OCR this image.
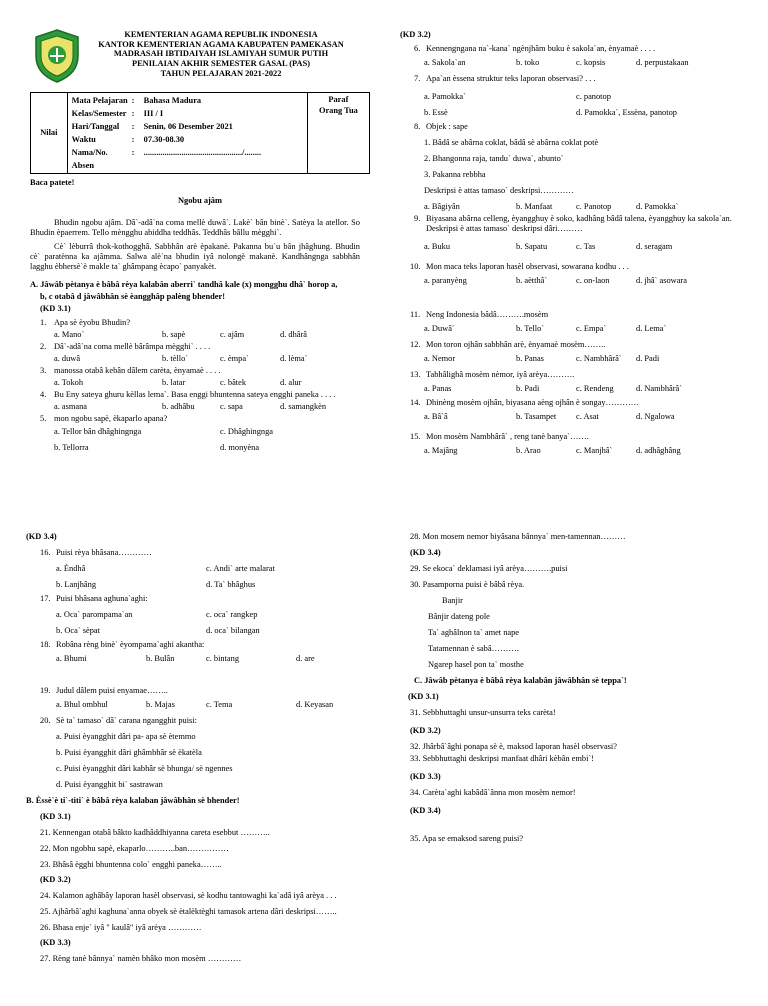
KEMENTERIAN AGAMA REPUBLIK INDONESIA
KANTOR KEMENTERIAN AGAMA KABUPATEN PAMEKASAN
MADRASAH IBTIDAIYAH ISLAMIYAH SUMUR PUTIH
PENILAIAN AKHIR SEMESTER GASAL (PAS)
TAHUN PELAJARAN 2021-2022
Nilai	
Mata Pelajaran :	Bahasa Madura
Kelas/Semester :	III / I
Hari/Tanggal	:	Senin, 06 Desember 2021
Waktu	:	07.30-08.30
Nama/No. Absen
:	.............................................../........

Paraf
Orang Tua
Baca patete!
Ngobu ajâm
Bhudin ngobu ajâm. Dâ`-adâ`na coma mellè duwâ`. Lakè` bân binè`. Satèya la atellor. So Bhudin èpaerrem. Tello mèngghu abiddha teddhâs. Teddhâs bâllu mègghi`.
Cè` lèburrâ thok-kothogghâ. Sabbhân arè èpakanè. Pakanna bu`u bân jhâghung. Bhudin cè` paratènna ka ajâmma. Salwa alè`na bhudin iyâ nolongè makanè. Kandhângnga sabbhân lagghu èbhersè`è makle ta` ghâmpang ècapo` panyakèt.
A. Jâwâb pètanya è bâbâ rèya kalabân aberri` tandhâ kale (x) mongghu dhâ` horop a,
b, c otabâ d jâwâbhân sè èangghâp palèng bhender!
(KD 3.1)
1. Apa sè èyobu Bhudin?
a. Mano`	b. sapè	c. ajâm	d. dhârâ
2. Dâ`-adâ`na coma mellè bârâmpa mègghi` . . . .
a. duwâ	b. tèllo`	c. èmpa`	d. lèma`
3. manossa otabâ kebân dâlem carèta, ènyamaè . . . .
a. Tokoh	b. latar	c. bâtek	d. alur
4. Bu Eny sateya ghuru kèllas lema`. Basa enggi bhuntenna sateya engghi paneka . . . .
a. asmana	b. adhâbu	c. sapa	d. samangkèn
5. mon ngobu sapè, èkaparlo apana?
a. Tellor bân dhâghingnga
b. Tellorra
c. Dhâghingnga
d. monyèna
(KD 3.2)
6. Kennengngana na`-kana` ngènjhâm buku è sakola`an, ènyamaè . . . .
a. Sakola`an	b. toko	c. kopsis	d. perpustakaan
7. Apa`an èssena struktur teks laporan observasi? . . .
a. Pamokka`	c. panotop
b. Essè	d. Pamokka`, Essèna, panotop
8. Objek : sape
1. Bâdâ se abârna coklat, bâdâ sè abârna coklat potè
2. Bhangonna raja, tandu` duwa`, abunto`
3. Pakanna rebbha
Deskripsi è attas tamaso` deskripsi…………
a. Bâgiyân	b. Manfaat	c. Panotop	d. Pamokka`
9. Biyasana abârna celleng, èyangghuy è soko, kadhâng bâdâ talena, èyangghuy ka sakola`an. Deskripsi è attas tamaso` deskripsi dâri………
a. Buku	b. Sapatu	c. Tas	d. seragam
10. Mon maca teks laporan hasèl observasi, sowarana kodhu . . .
a. paranyèng	b. aètthâ`	c. on-laon	d. jhâ` asowara
11. Neng Indonesia bâdâ……….mosèm
a. Duwâ`	b. Tello`	c. Empa`	d. Lema`
12. Mon toron ojhân sabbhân arè, ènyamaè mosèm……..
a. Nemor	b. Panas	c. Nambhârâ` d. Padi
13. Tabhâlighâ mosèm nèmor, iyâ arèya……….
a. Panas	b. Padi	c. Rendeng	d. Nambhârâ`
14. Dhinèng mosèm ojhân, biyasana aèng ojhân è songay…………
a. Bâ`â	b. Tasampet c. Asat	d. Ngalowa
15. Mon mosèm Nambhârâ` , reng tanè banya`…….
a. Majâng	b. Arao	c. Manjhâ`	d. adhâghâng
(KD 3.4)
16. Puisi rèya bhâsana…………
a. Èndhâ	c. Andi` arte malarat
b. Lanjhâng	d. Ta` bhâghus
17. Puisi bhâsana aghuna`aghi:
a. Oca` parompama`an	c. oca` rangkep
b. Oca` sèpat	d. oca` bilangan
18. Robâna rèng binè` èyompama`aghi akantha:
a. Bhumi	b. Bulân	c. bintang	d. are
19. Judul dâlem puisi enyamae……..
a. Bhul ombhul	b. Majas	c. Tema	d. Keyasan
20. Sè ta` tamaso` dâ` carana ngangghit puisi:
a. Puisi èyangghit dâri pa- apa sè ètemmo
b. Puisi èyangghit dâri ghâmbhâr sè èkatèla
c. Puisi èyangghit dâri kabhâr sè bhunga/ sè ngennes
d. Puisi èyangghit bi` sastrawan
B. Èssè`è ti`-titi` è bâbâ rèya kalaban jâwâbhân sè bhender!
(KD 3.1)
21. Kennengan otabâ bâkto kadhâddhiyanna careta esebbut ………..
22. Mon ngobhu sapè, ekaparlo………..ban……………
23. Bhâsâ ègghi bhuntenna colo` engghi paneka……..
(KD 3.2)
24. Kalamon aghâbây laporan hasèl observasi, sè kodhu tantowaghi ka`adâ iyâ arèya . . .
25. Ajhârbâ`aghi kaghuna`anna obyek sè ètalèktèghi tamasok artena dâri deskripsi……..
26. Bhasa enje` iyâ " kaulâ" iyâ arèya …………
(KD 3.3)
27. Rèng tanè bânnya` namèn bhâko mon mosèm …………
28. Mon mosem nemor biyâsana bânnya` men-tamennan………
(KD 3.4)
29. Se ekoca` deklamasi iyâ arèya……….puisi
30. Pasamporna puisi è bâbâ rèya.
Banjir
Bânjir dateng pole
Ta` aghâlnon ta` amet nape
Tatamennan è sabâ……….
Ngarep hasel pon ta` mosthe
C. Jâwâb pètanya è bâbâ rèya kalabân jâwâbhân sè teppa`!
(KD 3.1)
31. Sebbhuttaghi unsur-unsurra teks carèta!
(KD 3.2)
32. Jhârbâ`âghi ponapa sè è, maksod laporan hasèl observasi?
33. Sebbhuttaghi deskripsi manfaat dhâri kèbân embi`!
(KD 3.3)
34. Carèta`aghi kabâdâ`ânna mon mosèm nemor!
(KD 3.4)
35. Apa se emaksod sareng puisi?
